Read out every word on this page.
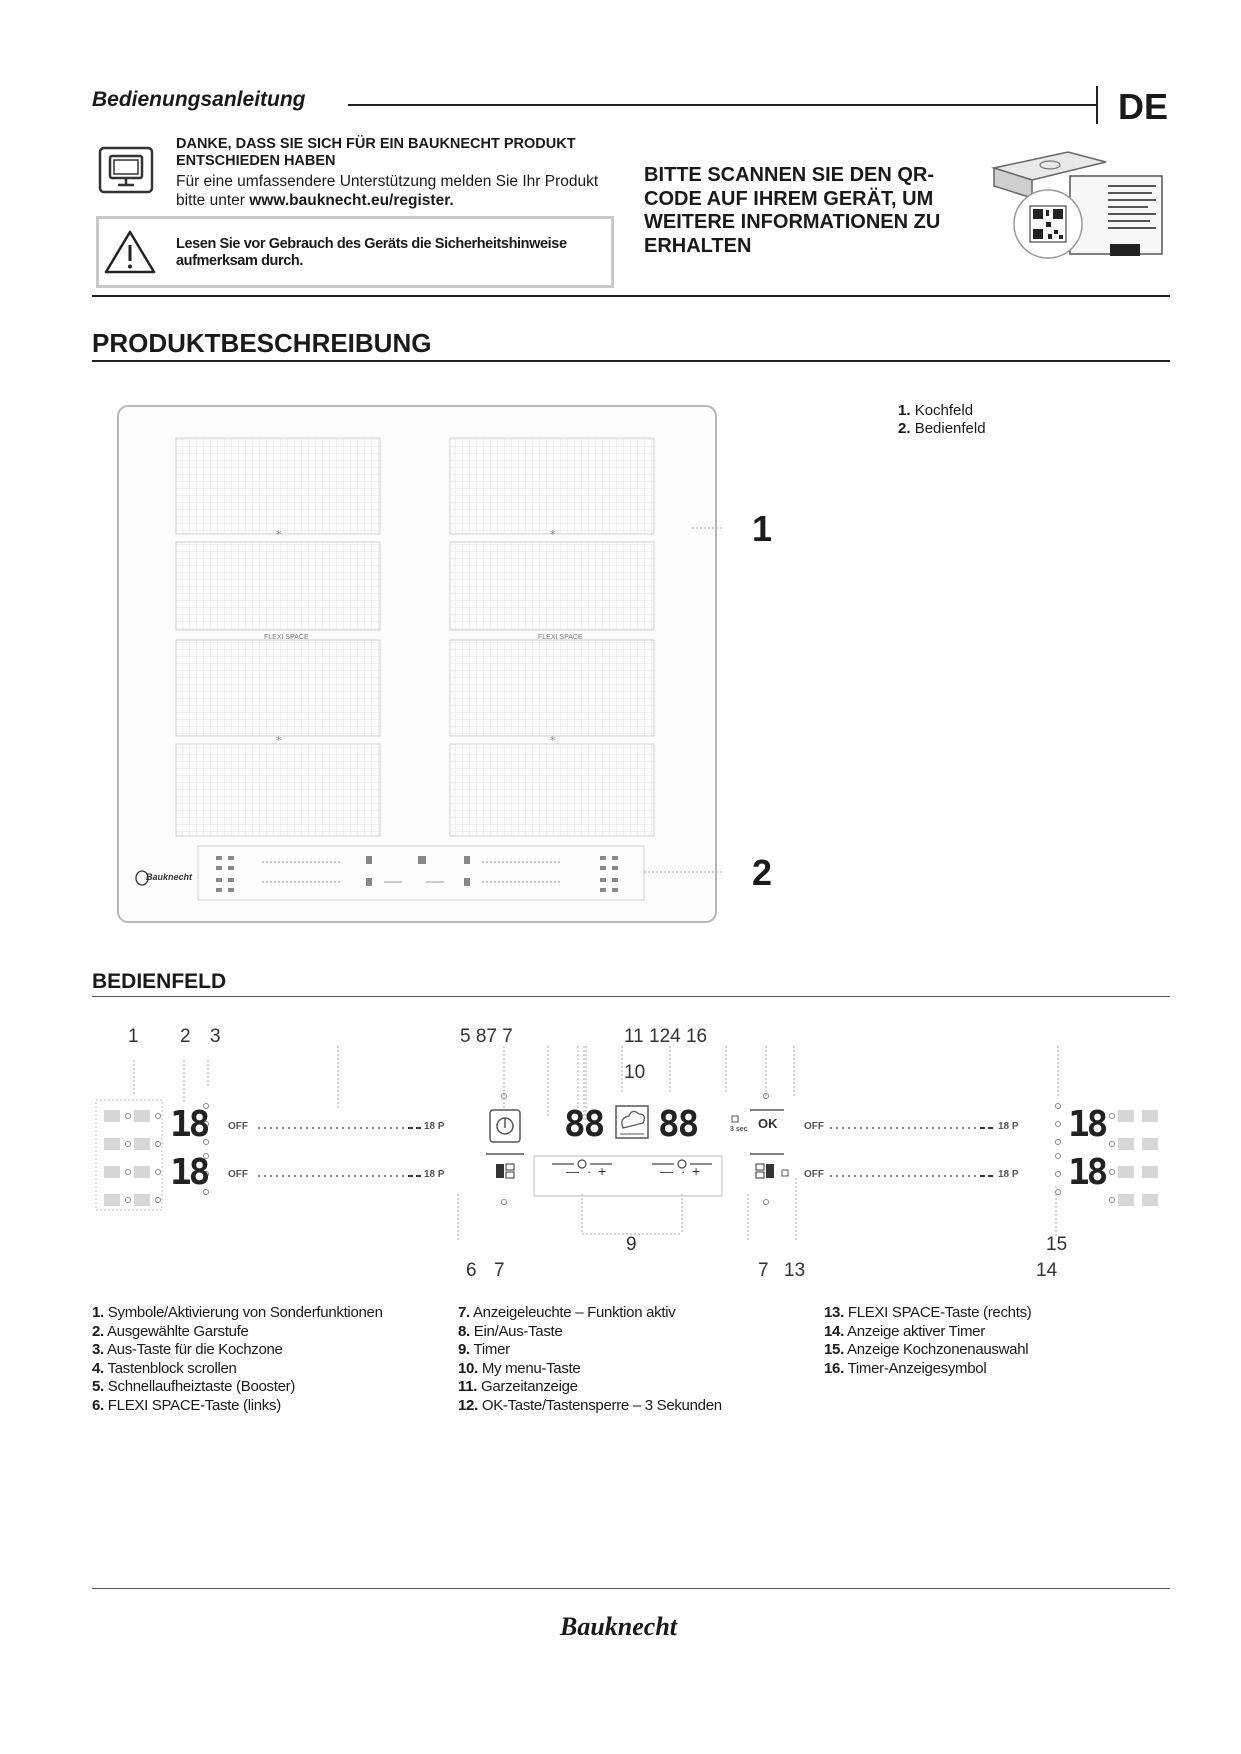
Bedienungsanleitung	DE
DANKE, DASS SIE SICH FÜR EIN BAUKNECHT PRODUKT ENTSCHIEDEN HABEN
Für eine umfassendere Unterstützung melden Sie Ihr Produkt bitte unter www.bauknecht.eu/register.
Lesen Sie vor Gebrauch des Geräts die Sicherheitshinweise aufmerksam durch.
BITTE SCANNEN SIE DEN QR-CODE AUF IHREM GERÄT, UM WEITERE INFORMATIONEN ZU ERHALTEN
PRODUKTBESCHREIBUNG
1. Kochfeld
2. Bedienfeld
*	*
*	*
FLEXI SPACE	FLEXI SPACE
Bauknecht
1
2
BEDIENFELD
1 2 3	5 87 7	11 124 16
10
18
18
18
18
88 88
OFF
OFF
OFF
OFF
18 P
18 P
18 P
18 P
OK
3 sec
— · +	— · +
6 7
9
7 13
15
14
1. Symbole/Aktivierung von Sonderfunktionen
2. Ausgewählte Garstufe
3. Aus-Taste für die Kochzone
4. Tastenblock scrollen
5. Schnellaufheiztaste (Booster)
6. FLEXI SPACE-Taste (links)
7. Anzeigeleuchte – Funktion aktiv
8. Ein/Aus-Taste
9. Timer
10. My menu-Taste
11. Garzeitanzeige
12. OK-Taste/Tastensperre – 3 Sekunden
13. FLEXI SPACE-Taste (rechts)
14. Anzeige aktiver Timer
15. Anzeige Kochzonenauswahl
16. Timer-Anzeigesymbol
Bauknecht
